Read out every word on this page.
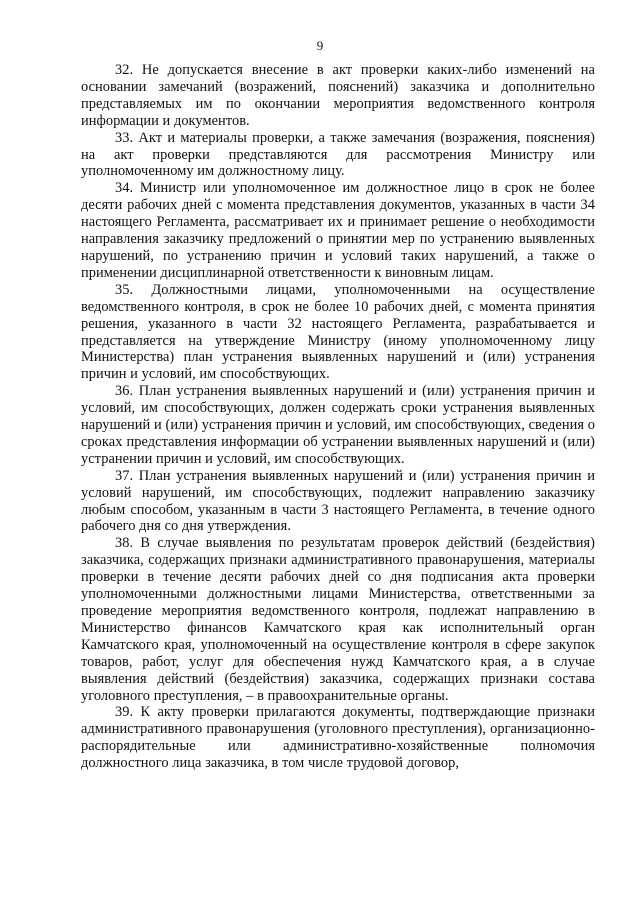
9

32. Не допускается внесение в акт проверки каких-либо изменений на основании замечаний (возражений, пояснений) заказчика и дополнительно представляемых им по окончании мероприятия ведомственного контроля информации и документов.

33. Акт и материалы проверки, а также замечания (возражения, пояснения) на акт проверки представляются для рассмотрения Министру или уполномоченному им должностному лицу.

34. Министр или уполномоченное им должностное лицо в срок не более десяти рабочих дней с момента представления документов, указанных в части 34 настоящего Регламента, рассматривает их и принимает решение о необходимости направления заказчику предложений о принятии мер по устранению выявленных нарушений, по устранению причин и условий таких нарушений, а также о применении дисциплинарной ответственности к виновным лицам.

35. Должностными лицами, уполномоченными на осуществление ведомственного контроля, в срок не более 10 рабочих дней, с момента принятия решения, указанного в части 32 настоящего Регламента, разрабатывается и представляется на утверждение Министру (иному уполномоченному лицу Министерства) план устранения выявленных нарушений и (или) устранения причин и условий, им способствующих.

36. План устранения выявленных нарушений и (или) устранения причин и условий, им способствующих, должен содержать сроки устранения выявленных нарушений и (или) устранения причин и условий, им способствующих, сведения о сроках представления информации об устранении выявленных нарушений и (или) устранении причин и условий, им способствующих.

37. План устранения выявленных нарушений и (или) устранения причин и условий нарушений, им способствующих, подлежит направлению заказчику любым способом, указанным в части 3 настоящего Регламента, в течение одного рабочего дня со дня утверждения.

38. В случае выявления по результатам проверок действий (бездействия) заказчика, содержащих признаки административного правонарушения, материалы проверки в течение десяти рабочих дней со дня подписания акта проверки уполномоченными должностными лицами Министерства, ответственными за проведение мероприятия ведомственного контроля, подлежат направлению в Министерство финансов Камчатского края как исполнительный орган Камчатского края, уполномоченный на осуществление контроля в сфере закупок товаров, работ, услуг для обеспечения нужд Камчатского края, а в случае выявления действий (бездействия) заказчика, содержащих признаки состава уголовного преступления, – в правоохранительные органы.

39. К акту проверки прилагаются документы, подтверждающие признаки административного правонарушения (уголовного преступления), организационно-распорядительные или административно-хозяйственные полномочия должностного лица заказчика, в том числе трудовой договор,
